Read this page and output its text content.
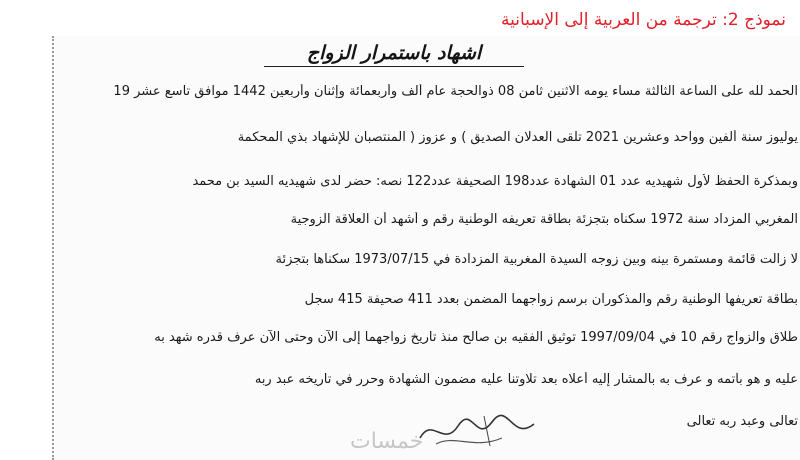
نموذج 2: ترجمة من العربية إلى الإسبانية
اشهاد باستمرار الزواج
الحمد لله على الساعة الثالثة مساء يومه الاثنين ثامن 08 ذوالحجة عام ألف وأربعمائة وإثنان وأربعين 1442 موافق تاسع عشر 19
يوليوز سنة ألفين وواحد وعشرين 2021 تلقى العدلان الصديق ) و عزوز ( المنتصبان للإشهاد بذي المحكمة
وبمذكرة الحفظ لأول شهيديه عدد 01 الشهادة عدد198 الصحيفة عدد122 نصه: حضر لدى شهيديه السيد بن محمد
المغربي المزداد سنة 1972 سكناه بتجزئة بطاقة تعريفه الوطنية رقم و أشهد أن العلاقة الزوجية
لا زالت قائمة ومستمرة بينه وبين زوجه السيدة المغربية المزدادة في 1973/07/15 سكناها بتجزئة
بطاقة تعريفها الوطنية رقم والمذكوران برسم زواجهما المضمن بعدد 411 صحيفة 415 سجل
طلاق والزواج رقم 10 في 1997/09/04 توثيق الفقيه بن صالح منذ تاريخ زواجهما إلى الآن وحتى الآن عرف قدره شهد به
عليه و هو بأتمه و عرف به بالمشار إليه أعلاه بعد تلاوتنا عليه مضمون الشهادة وحرر في تاريخه عبد ربه
تعالى وعبد ربه تعالى
خمسات
